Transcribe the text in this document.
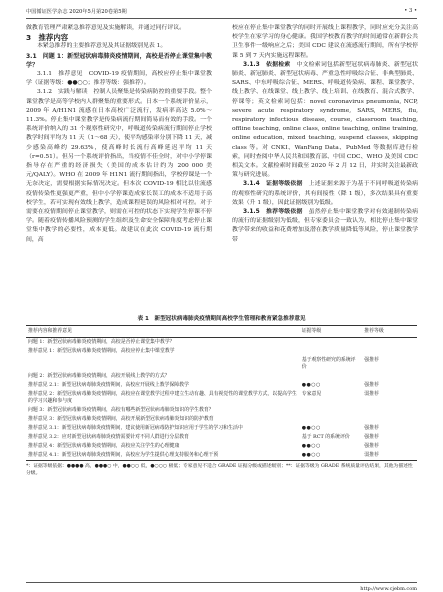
中国循证医学杂志 2020年5月第20卷第5期	• 3 •

做教育管理严肃紧急推荐意见及实施解读，并通过同行评议。

3　推荐内容

本紧急推荐的主要推荐意见及其证据级别见表 1。

3.1　问题 1：新型冠状病毒肺炎疫情期间，高校是否停止课堂集中教学？

3.1.1　推荐意见　COVID-19 疫情期间，高校应停止集中课堂教学（证据等级：●●○○；推荐等级：强推荐）。

3.1.2　实践与解读　控制人员聚集是传染病防控的重要手段。整个课堂教学是高等学校内人群聚集的重要形式。日本一个系统评价显示，2009 年 A/H1N1 流感在日本高校广泛流行，发病率高达 5.0%～11.3%。停止集中课堂教学是传染病流行期间简易而有效的手段。一个系统评价纳入的 31 个观察性研究中，呼吸道传染病流行期间停止学校教学时间平均为 11 天（1～68 天），使平均感染率分别下降 11 天，减少感染高峰约 29.63%，使高峰时长流行高峰延迟平均 11 天（r=0.51）。但另一个系统评价指出，当疫情不佳全时，对中小学停课指导存在严重的经济损失（美国的成本估计约为 200 000 美元/QALY）。WHO 在 2009 年 H1N1 流行期间指出，学校停课是一个无奈决定，需要根据实际情况决定。但本次 COVID-19 相比以往流感疫情传染性更强更严重，但中小学停课造成家长误工的成本不适用于高校学生，若可实现有效线上教学，造成课程延误的风险相对可控。对于需要在疫情期间停止课堂教学，则需在可控的状态下实现学生停课不停学。随着疫情传播风险预测的学生组织及生命安全保障角度考虑停止课堂集中教学的必要性，成本更低。故建议在此次 COVID-19 流行期间，高

校应在停止集中课堂教学的同时开展线上课程教学，同时应充分关注高校学生在家学习的身心健康。我国学校教育教学的时间通常在新群公共卫生事件一级响应之后；美国 CDC 建议在流感流行期间，所有学校停课 5 到 7 天内实施远程课程。

3.1.3　依据检索　 中文检索词包括新型冠状病毒肺炎、新型冠状肺炎、新冠肺炎、新型冠状病毒、严重急性呼吸综合征、非典型肺炎、SARS、中东呼吸综合征、MERS、呼吸道传染病、课程、课堂教学、线上教学、在线课堂、线上教学、线上培训、在线教育、混合式教学、停课等；英文检索词包括：novel coronavirus pneumonia, NCP, severe acute respiratory syndrome, SARS, MERS, flu, respiratory infectious disease, course, classroom teaching, offline teaching, online class, online teaching, online training, online education, mixed teaching, suspend classes, skipping class 等。对 CNKI、WanFang Data、PubMed 等数据库进行检索，同时查阅中华人民共和国教育部、中国 CDC、WHO 及美国 CDC 相关文本。文献检索时间截至 2020 年 2 月 12 日，并实时关注最新政策与研究进展。

3.1.4　证据等级依据　 上述证据来源于为基于不同呼吸道传染病的观察性研究的系统评价，其有间接性（降 1 级），多次结果具有重要效果（升 1 级），因此证据级别为低级。

3.1.5　推荐等级依据　 虽然停止集中课堂教学对有效遏制传染病的流行的证据级别为低级，但专家委员会一致认为，相比停止集中课堂教学带来的收益和花费增加及潜在教学质量降低等风险，停止课堂教学带

表 1　新型冠状病毒肺炎疫情期间高校学生管理和教育紧急推荐意见
推荐内容和推荐意见	证据等级	推荐等级
问题 1：新型冠状病毒肺炎疫情期间，高校是否停止课堂集中教学？		
推荐意见 1：新型冠状病毒肺炎疫情期间，高校应停止集中课堂教学		
	基于观察性研究的系统评价	强推荐
问题 2：新型冠状病毒肺炎疫情期间，高校开展线上教学的方式？		
推荐意见 2.1：新型冠状病毒肺炎疫情期间，高校应开展线上教学保障教学	●●○○	强推荐
推荐意见 2：新型冠状病毒肺炎疫情期间，高校应在课堂教学过程中建立生动有趣、具有视觉性的课堂教学方式，以提高学生的学习兴趣和参与度	专家意见	弱推荐
问题 3：新型冠状病毒肺炎疫情期间，高校有哪些新型冠状病毒肺炎知识的学生教育？		
推荐意见 3：新型冠状病毒肺炎疫情期间，高校开展新型冠状病毒肺炎知识的防护教育		
推荐意见 3.1：新型冠状病毒肺炎疫情期间，建议使用新冠病毒防护知识应用于学生的学习和生活中	●●○○	强推荐
推荐意见 3.2：应对新型冠状病毒肺炎疫情需要针对不同人群进行分层教育	基于 RCT 的系统评价	强推荐
推荐意见 4：新型冠状病毒肺炎疫情期间，高校应关注学生的心理健康	●●○○	强推荐
推荐意见 4.1：新型冠状病毒肺炎疫情期间，高校应为学生提供心理支持服务和心理干预	●●○○	弱推荐
*：证据等级依据：●●●● 高，●●●○ 中，●●○○ 低，●○○○ 极低；专家意见不适合 GRADE 证据分级或描述级别；**：证据等级为 GRADE 系统质量评估结果，其他为描述性分级。
http://www.cjebm.com
